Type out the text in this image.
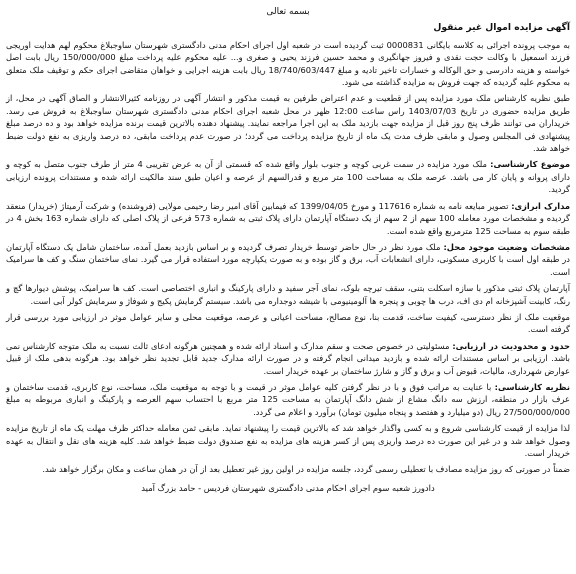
بسمه تعالی
آگهی مزایده اموال غیر منقول

به موجب پرونده اجرائی به کلاسه بایگانی 0000831 ثبت گردیده است در شعبه اول اجرای احکام مدنی دادگستری شهرستان ساوجبلاغ محکوم لهم هدایت اوریجی فرزند اسمعیل با وکالت حجت نقدی و فیروز جهانگیری و محمد حسین فرزند یحیی و صغری و... علیه محکوم علیه پرداخت مبلغ 150/000/000 ریال بابت اصل خواسته و هزینه دادرسی و حق الوکاله و خسارات تاخیر تادیه و مبلغ 18/740/603/447 ریال بابت هزینه اجرایی و خواهان متقاضی اجرای حکم و توقیف ملک متعلق به محکوم علیه گردیده که جهت فروش به مزایده گذاشته می شود.

طبق نظریه کارشناس ملک مورد مزایده پس از قطعیت و عدم اعتراض طرفین به قیمت مذکور و انتشار آگهی در روزنامه کثیرالانتشار و الصاق آگهی در محل، از طریق مزایده حضوری در تاریخ 1403/07/03 راس ساعت 12:00 ظهر در محل شعبه اجرای احکام مدنی دادگستری شهرستان ساوجبلاغ به فروش می رسد. خریداران می توانند ظرف پنج روز قبل از مزایده جهت بازدید ملک به این اجرا مراجعه نمایند. پیشنهاد دهنده بالاترین قیمت برنده مزایده خواهد بود و ده درصد مبلغ پیشنهادی فی المجلس وصول و مابقی ظرف مدت یک ماه از تاریخ مزایده پرداخت می گردد؛ در صورت عدم پرداخت مابقی، ده درصد واریزی به نفع دولت ضبط خواهد شد.

موضوع کارشناسی: ملک مورد مزایده در سمت غربی کوچه و جنوب بلوار واقع شده که قسمتی از آن به عرض تقریبی 4 متر از طرف جنوب متصل به کوچه و دارای پروانه و پایان کار می باشد. عرصه ملک به مساحت 100 متر مربع و قدرالسهم از عرصه و اعیان طبق سند مالکیت ارائه شده و مستندات پرونده ارزیابی گردید.

مدارک ابرازی: تصویر مبایعه نامه به شماره 117616 و مورخ 1399/04/05 که فیمابین آقای امیر رضا رحیمی مولایی (فروشنده) و شرکت آرمیتاژ (خریدار) منعقد گردیده و مشخصات مورد معامله 100 سهم از 2 سهم از یک دستگاه آپارتمان دارای پلاک ثبتی به شماره 573 فرعی از پلاک اصلی که دارای شماره 163 بخش 4 در طبقه سوم به مساحت 125 مترمربع واقع شده است.

مشخصات وضعیت موجود محل: ملک مورد نظر در حال حاضر توسط خریدار تصرف گردیده و بر اساس بازدید بعمل آمده، ساختمان شامل یک دستگاه آپارتمان در طبقه اول است با کاربری مسکونی، دارای انشعابات آب، برق و گاز بوده و به صورت یکپارچه مورد استفاده قرار می گیرد. نمای ساختمان سنگ و کف ها سرامیک است.

آپارتمان پلاک ثبتی مذکور با سازه اسکلت بتنی، سقف تیرچه بلوک، نمای آجر سفید و دارای پارکینگ و انباری اختصاصی است. کف ها سرامیک، پوشش دیوارها گچ و رنگ، کابینت آشپزخانه ام دی اف، درب ها چوبی و پنجره ها آلومینیومی با شیشه دوجداره می باشد. سیستم گرمایش پکیج و شوفاژ و سرمایش کولر آبی است.

موقعیت ملک از نظر دسترسی، کیفیت ساخت، قدمت بنا، نوع مصالح، مساحت اعیانی و عرصه، موقعیت محلی و سایر عوامل موثر در ارزیابی مورد بررسی قرار گرفته است.

حدود و محدودیت در ارزیابی: مسئولیتی در خصوص صحت و سقم مدارک و اسناد ارائه شده و همچنین هرگونه ادعای ثالث نسبت به ملک متوجه کارشناس نمی باشد. ارزیابی بر اساس مستندات ارائه شده و بازدید میدانی انجام گرفته و در صورت ارائه مدارک جدید قابل تجدید نظر خواهد بود. هرگونه بدهی ملک از قبیل عوارض شهرداری، مالیات، قبوض آب و برق و گاز و شارژ ساختمان بر عهده خریدار است.

نظریه کارشناسی: با عنایت به مراتب فوق و با در نظر گرفتن کلیه عوامل موثر در قیمت و با توجه به موقعیت ملک، مساحت، نوع کاربری، قدمت ساختمان و عرف بازار در منطقه، ارزش سه دانگ مشاع از شش دانگ آپارتمان به مساحت 125 متر مربع با احتساب سهم العرصه و پارکینگ و انباری مربوطه به مبلغ 27/500/000/000 ریال (دو میلیارد و هفتصد و پنجاه میلیون تومان) برآورد و اعلام می گردد.

لذا مزایده از قیمت کارشناسی شروع و به کسی واگذار خواهد شد که بالاترین قیمت را پیشنهاد نماید. مابقی ثمن معامله حداکثر ظرف مهلت یک ماه از تاریخ مزایده وصول خواهد شد و در غیر این صورت ده درصد واریزی پس از کسر هزینه های مزایده به نفع صندوق دولت ضبط خواهد شد. کلیه هزینه های نقل و انتقال به عهده خریدار است.

ضمناً در صورتی که روز مزایده مصادف با تعطیلی رسمی گردد، جلسه مزایده در اولین روز غیر تعطیل بعد از آن در همان ساعت و مکان برگزار خواهد شد.

دادورز شعبه سوم اجرای احکام مدنی دادگستری شهرستان فردیس - حامد بزرگ آمید
